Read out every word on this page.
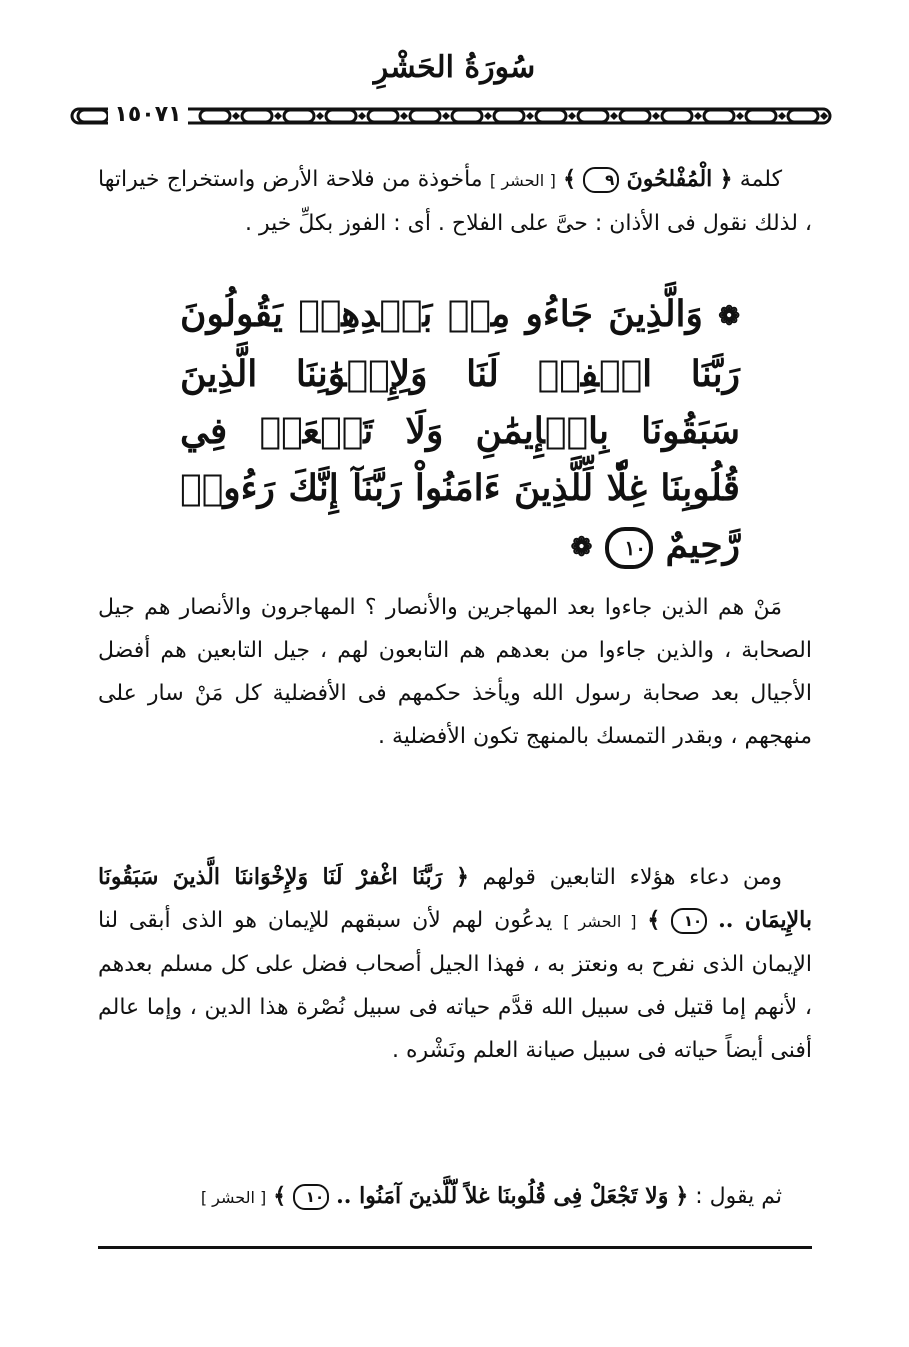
سُورَةُ الحَشْرِ
١٥٠٧١
كلمة ﴿ الْمُفْلحُونَ ٩ ﴾ [ الحشر ] مأخوذة من فلاحة الأرض واستخراج خيراتها ، لذلك نقول فى الأذان : حىَّ على الفلاح . أى : الفوز بكلِّ خير .
❁ وَالَّذِينَ جَاءُو مِنۢ بَعۡدِهِمۡ يَقُولُونَ رَبَّنَا اغۡفِرۡ لَنَا وَلِإِخۡوَٰنِنَا الَّذِينَ سَبَقُونَا بِالۡإِيمَٰنِ وَلَا تَجۡعَلۡ فِي قُلُوبِنَا غِلّٗا لِّلَّذِينَ ءَامَنُواْ رَبَّنَآ إِنَّكَ رَءُوفٞ رَّحِيمٌ ١٠ ❁
مَنْ هم الذين جاءوا بعد المهاجرين والأنصار ؟ المهاجرون والأنصار هم جيل الصحابة ، والذين جاءوا من بعدهم هم التابعون لهم ، جيل التابعين هم أفضل الأجيال بعد صحابة رسول الله ويأخذ حكمهم فى الأفضلية كل مَنْ سار على منهجهم ، وبقدر التمسك بالمنهج تكون الأفضلية .
ومن دعاء هؤلاء التابعين قولهم ﴿ رَبَّنَا اغْفرْ لَنَا وَلإِخْوَاننَا الَّذينَ سَبَقُونَا بالإِيمَان .. ١٠ ﴾ [ الحشر ] يدعُون لهم لأن سبقهم للإيمان هو الذى أبقى لنا الإيمان الذى نفرح به ونعتز به ، فهذا الجيل أصحاب فضل على كل مسلم بعدهم ، لأنهم إما قتيل فى سبيل الله قدَّم حياته فى سبيل نُصْرة هذا الدين ، وإما عالم أفنى أيضاً حياته فى سبيل صيانة العلم ونَشْره .
ثم يقول : ﴿ وَلا تَجْعَلْ فِى قُلُوبنَا غلاً لّلَّذينَ آمَنُوا .. ١٠ ﴾ [ الحشر ]
